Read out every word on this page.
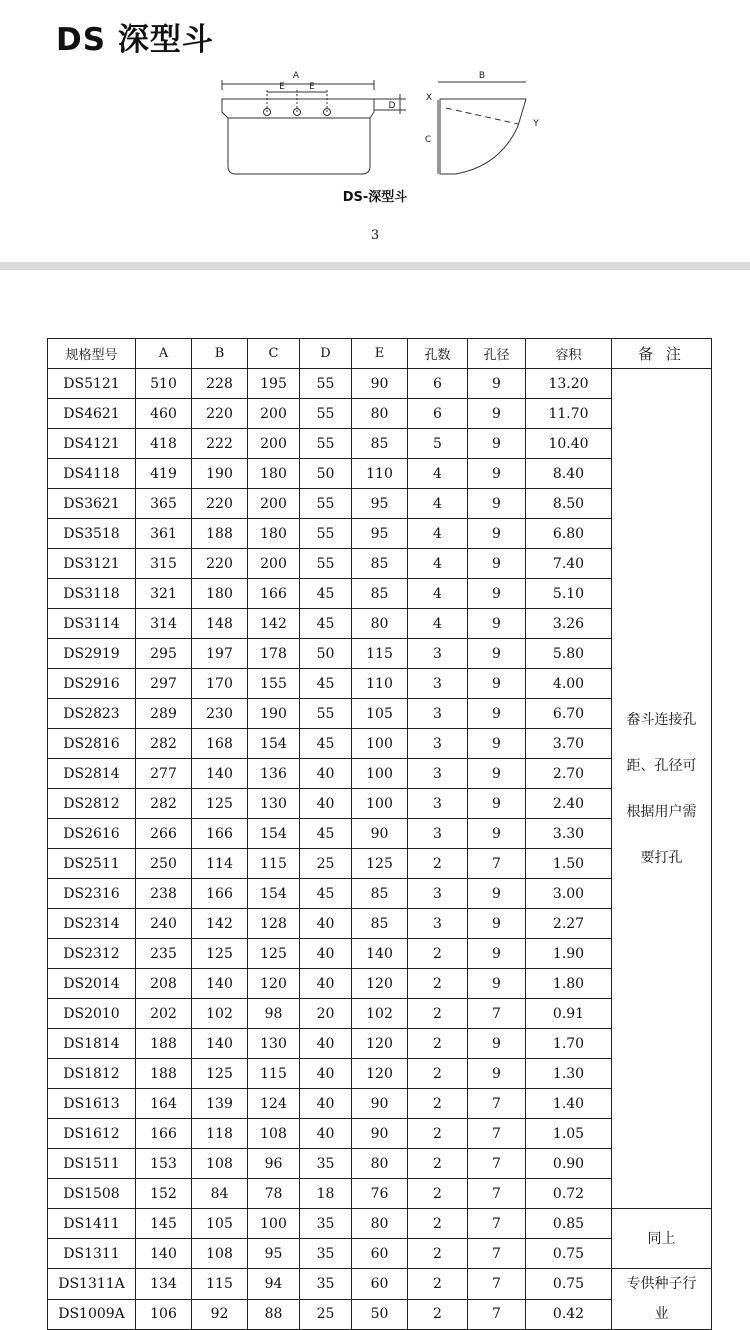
DS 深型斗
A
E	E
D
B
C
X
Y
DS-深型斗
3
规格型号	A	B	C	D	E	孔数	孔径	容积	备 注
DS5121	510	228	195	55	90	6	9	13.20	畚斗连接孔
距、孔径可
根据用户需
要打孔

DS4621	460	220	200	55	80	6	9	11.70	
DS4121	418	222	200	55	85	5	9	10.40	
DS4118	419	190	180	50	110	4	9	8.40	
DS3621	365	220	200	55	95	4	9	8.50	
DS3518	361	188	180	55	95	4	9	6.80	
DS3121	315	220	200	55	85	4	9	7.40	
DS3118	321	180	166	45	85	4	9	5.10	
DS3114	314	148	142	45	80	4	9	3.26	
DS2919	295	197	178	50	115	3	9	5.80	
DS2916	297	170	155	45	110	3	9	4.00	
DS2823	289	230	190	55	105	3	9	6.70	
DS2816	282	168	154	45	100	3	9	3.70	
DS2814	277	140	136	40	100	3	9	2.70	
DS2812	282	125	130	40	100	3	9	2.40	
DS2616	266	166	154	45	90	3	9	3.30	
DS2511	250	114	115	25	125	2	7	1.50	
DS2316	238	166	154	45	85	3	9	3.00	
DS2314	240	142	128	40	85	3	9	2.27	
DS2312	235	125	125	40	140	2	9	1.90	
DS2014	208	140	120	40	120	2	9	1.80	
DS2010	202	102	98	20	102	2	7	0.91	
DS1814	188	140	130	40	120	2	9	1.70	
DS1812	188	125	115	40	120	2	9	1.30	
DS1613	164	139	124	40	90	2	7	1.40	
DS1612	166	118	108	40	90	2	7	1.05	
DS1511	153	108	96	35	80	2	7	0.90	
DS1508	152	84	78	18	76	2	7	0.72	
DS1411	145	105	100	35	80	2	7	0.85	同上

DS1311	140	108	95	35	60	2	7	0.75	
DS1311A	134	115	94	35	60	2	7	0.75	专供种子行
业

DS1009A	106	92	88	25	50	2	7	0.42	
